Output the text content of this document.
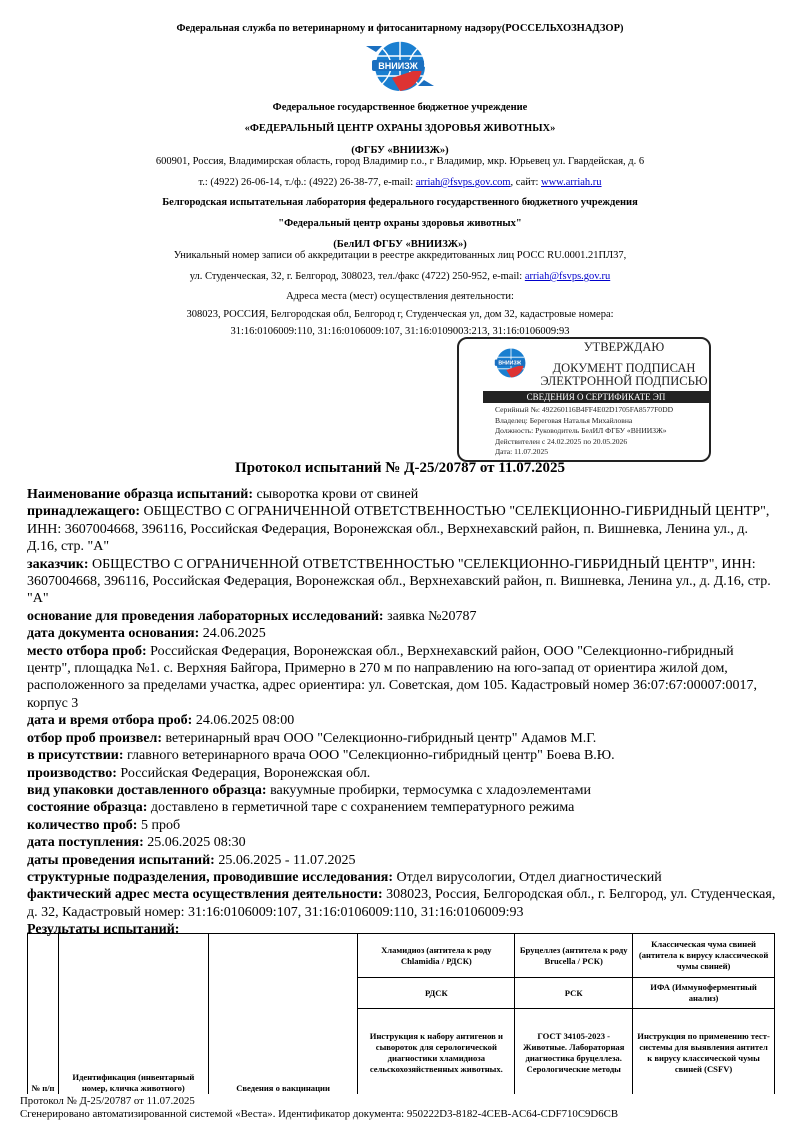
Федеральная служба по ветеринарному и фитосанитарному надзору(РОССЕЛЬХОЗНАДЗОР)
ВНИИЗЖ
Федеральное государственное бюджетное учреждение
«ФЕДЕРАЛЬНЫЙ ЦЕНТР ОХРАНЫ ЗДОРОВЬЯ ЖИВОТНЫХ»
(ФГБУ «ВНИИЗЖ»)
600901, Россия, Владимирская область, город Владимир г.о., г Владимир, мкр. Юрьевец ул. Гвардейская, д. 6
т.: (4922) 26-06-14, т./ф.: (4922) 26-38-77, e-mail: arriah@fsvps.gov.com, сайт: www.arriah.ru
Белгородская испытательная лаборатория федерального государственного бюджетного учреждения
"Федеральный центр охраны здоровья животных"
(БелИЛ ФГБУ «ВНИИЗЖ»)
Уникальный номер записи об аккредитации в реестре аккредитованных лиц РОСС RU.0001.21ПЛ37,
ул. Студенческая, 32, г. Белгород, 308023, тел./факс (4722) 250-952, e-mail: arriah@fsvps.gov.ru
Адреса места (мест) осуществления деятельности:
308023, РОССИЯ, Белгородская обл, Белгород г, Студенческая ул, дом 32, кадастровые номера:
31:16:0106009:110, 31:16:0106009:107, 31:16:0109003:213, 31:16:0106009:93
ВНИИЗЖ
УТВЕРЖДАЮ
ДОКУМЕНТ ПОДПИСАН
ЭЛЕКТРОННОЙ ПОДПИСЬЮ
СВЕДЕНИЯ О СЕРТИФИКАТЕ ЭП
Серийный №: 492260116B4FF4E02D1705FA8577F0DD
Владелец: Береговая Наталья Михайловна
Должность: Руководитель БелИЛ ФГБУ «ВНИИЗЖ»
Действителен с 24.02.2025 по 20.05.2026
Дата: 11.07.2025
Протокол испытаний № Д-25/20787 от 11.07.2025
Наименование образца испытаний: сыворотка крови от свиней
принадлежащего: ОБЩЕСТВО С ОГРАНИЧЕННОЙ ОТВЕТСТВЕННОСТЬЮ "СЕЛЕКЦИОННО-ГИБРИДНЫЙ ЦЕНТР", ИНН: 3607004668, 396116, Российская Федерация, Воронежская обл., Верхнехавский район, п. Вишневка, Ленина ул., д. Д.16, стр. "А"
заказчик: ОБЩЕСТВО С ОГРАНИЧЕННОЙ ОТВЕТСТВЕННОСТЬЮ "СЕЛЕКЦИОННО-ГИБРИДНЫЙ ЦЕНТР", ИНН: 3607004668, 396116, Российская Федерация, Воронежская обл., Верхнехавский район, п. Вишневка, Ленина ул., д. Д.16, стр. "А"
основание для проведения лабораторных исследований: заявка №20787
дата документа основания: 24.06.2025
место отбора проб: Российская Федерация, Воронежская обл., Верхнехавский район, ООО "Селекционно-гибридный центр", площадка №1. с. Верхняя Байгора, Примерно в 270 м по направлению на юго-запад от ориентира жилой дом, расположенного за пределами участка, адрес ориентира: ул. Советская, дом 105. Кадастровый номер 36:07:67:00007:0017, корпус 3
дата и время отбора проб: 24.06.2025 08:00
отбор проб произвел: ветеринарный врач ООО "Селекционно-гибридный центр" Адамов М.Г.
в присутствии: главного ветеринарного врача ООО "Селекционно-гибридный центр" Боева В.Ю.
производство: Российская Федерация, Воронежская обл.
вид упаковки доставленного образца: вакуумные пробирки, термосумка с хладоэлементами
состояние образца: доставлено в герметичной таре с сохранением температурного режима
количество проб: 5 проб
дата поступления: 25.06.2025 08:30
даты проведения испытаний: 25.06.2025 - 11.07.2025
структурные подразделения, проводившие исследования: Отдел вирусологии, Отдел диагностический
фактический адрес места осуществления деятельности: 308023, Россия, Белгородская обл., г. Белгород, ул. Студенческая, д. 32, Кадастровый номер: 31:16:0106009:107, 31:16:0106009:110, 31:16:0106009:93
Результаты испытаний:
№ п/п	Идентификация (инвентарный номер, кличка животного)	Сведения о вакцинации	Хламидиоз (антитела к роду Chlamidia / РДСК)	Бруцеллез (антитела к роду Brucella / РСК)	Классическая чума свиней (антитела к вирусу классической чумы свиней)
			РДСК	РСК	ИФА (Иммуноферментный анализ)
			Инструкция к набору антигенов и сывороток для серологической диагностики хламидиоза сельскохозяйственных животных.	ГОСТ 34105-2023 - Животные. Лабораторная диагностика бруцеллеза. Серологические методы	Инструкция по применению тест-системы для выявления антител к вирусу классической чумы свиней (CSFV)
Протокол № Д-25/20787 от 11.07.2025
Сгенерировано автоматизированной системой «Веста». Идентификатор документа: 950222D3-8182-4CEB-AC64-CDF710C9D6CB
